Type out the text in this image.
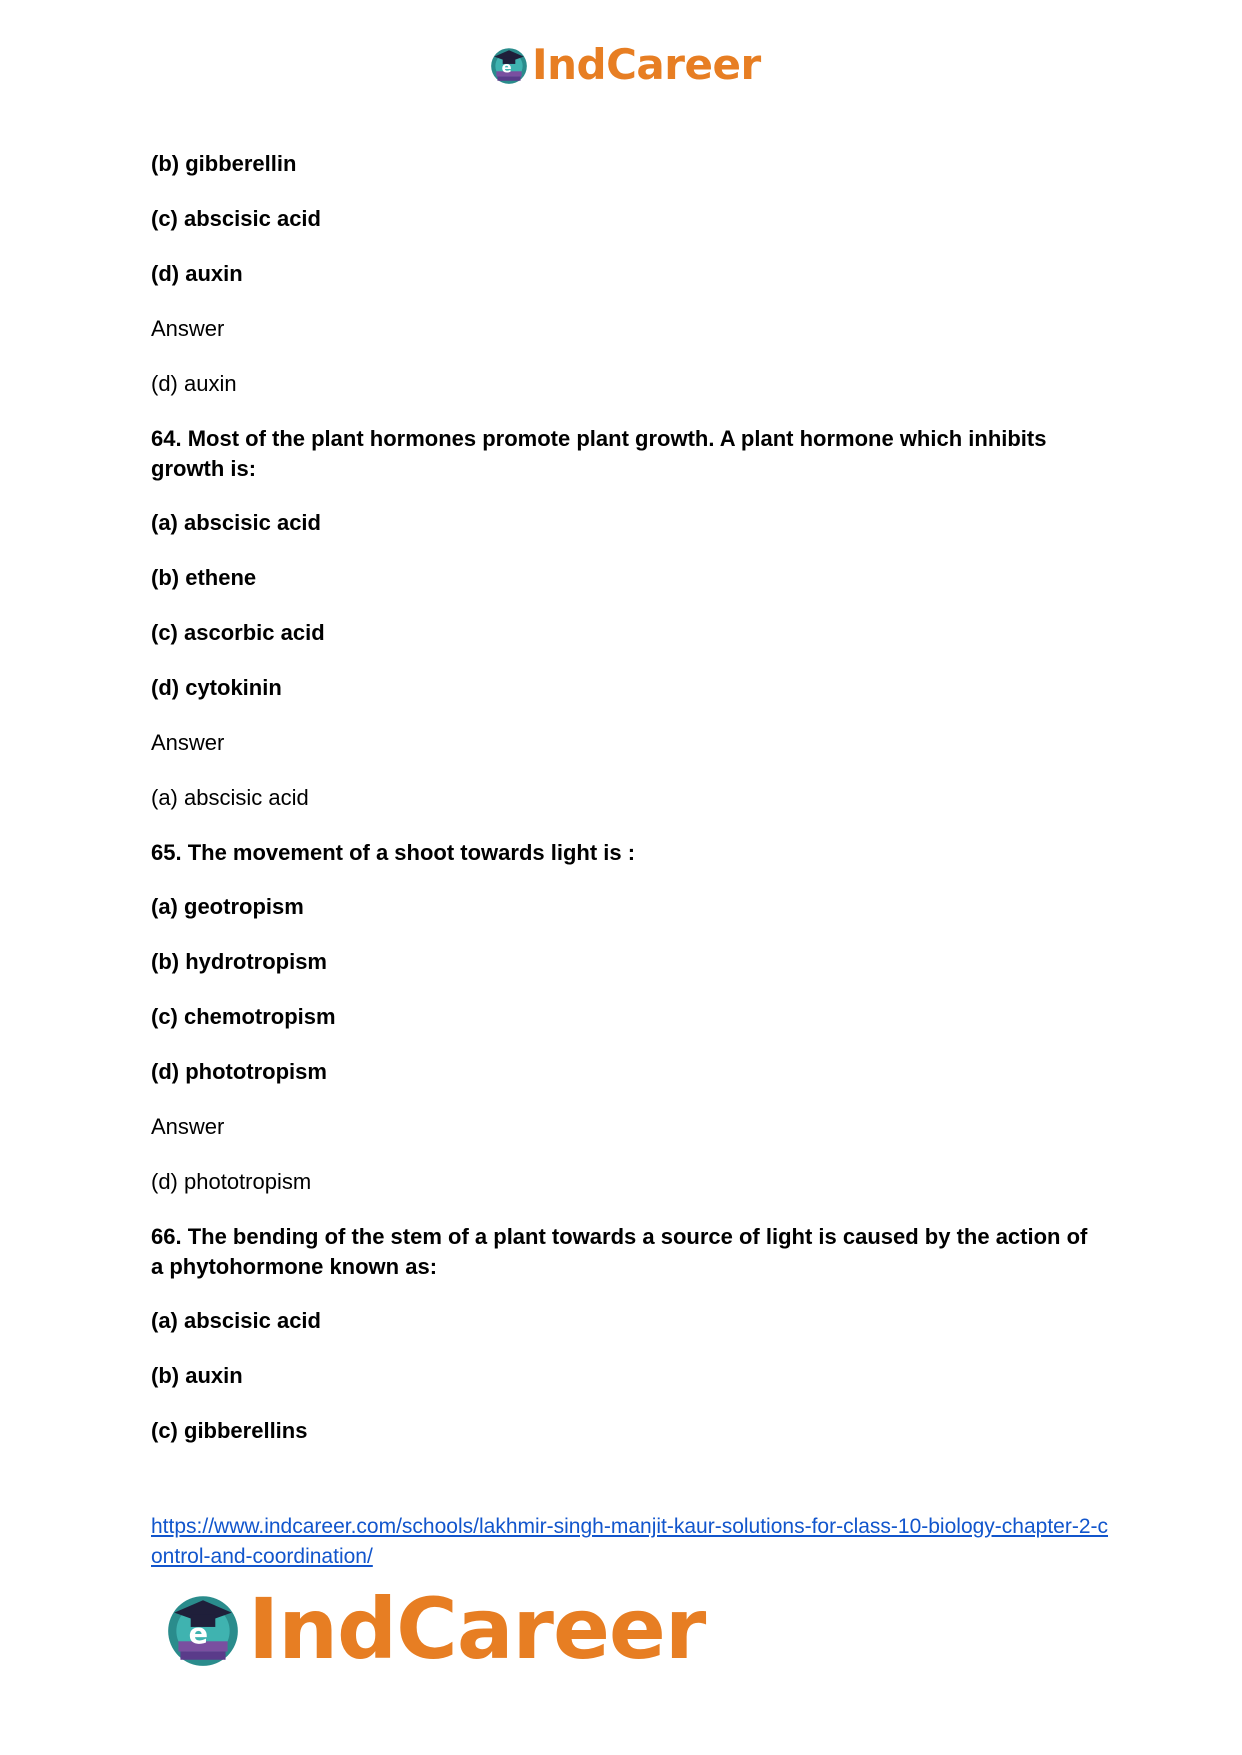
e IndCareer

(b) gibberellin

(c) abscisic acid

(d) auxin

Answer

(d) auxin

64. Most of the plant hormones promote plant growth. A plant hormone which inhibits growth is:

(a) abscisic acid

(b) ethene

(c) ascorbic acid

(d) cytokinin

Answer

(a) abscisic acid

65. The movement of a shoot towards light is :

(a) geotropism

(b) hydrotropism

(c) chemotropism

(d) phototropism

Answer

(d) phototropism

66. The bending of the stem of a plant towards a source of light is caused by the action of a phytohormone known as:

(a) abscisic acid

(b) auxin

(c) gibberellins

https://www.indcareer.com/schools/lakhmir-singh-manjit-kaur-solutions-for-class-10-biology-chapter-2-control-and-coordination/
e IndCareer
